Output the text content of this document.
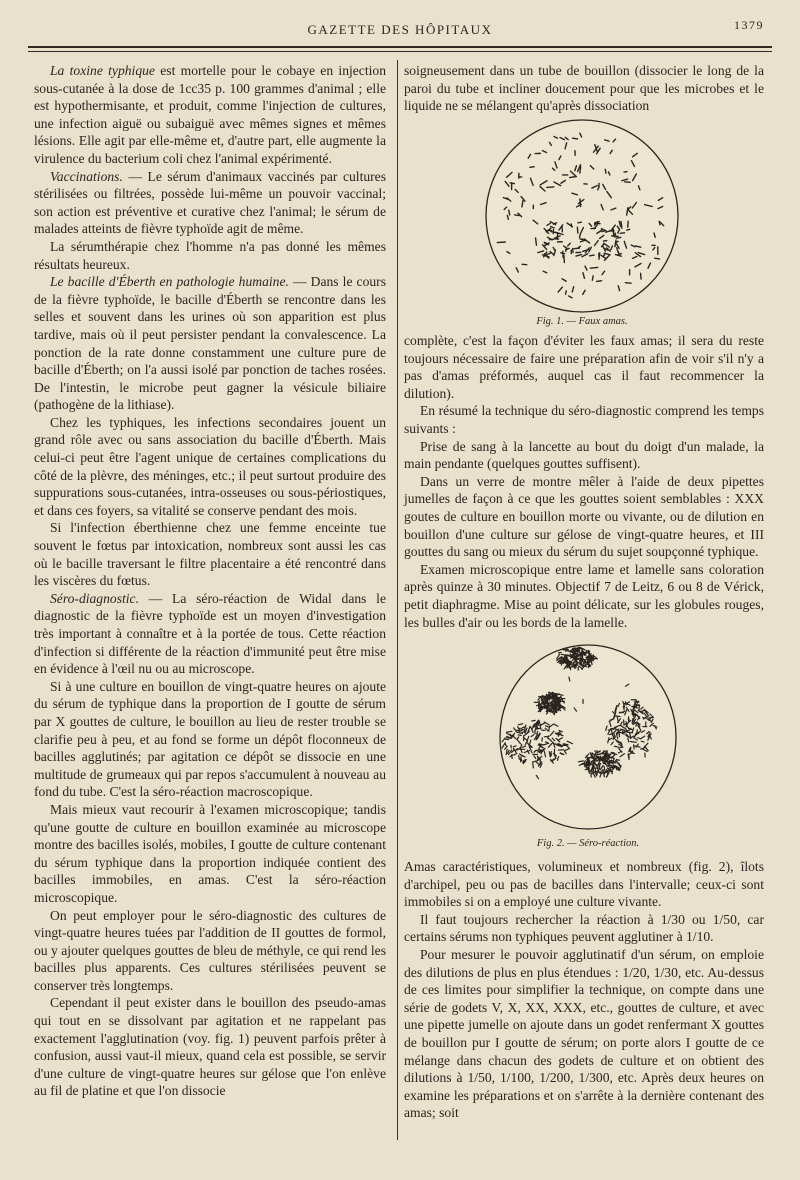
GAZETTE DES HÔPITAUX	1379

La toxine typhique est mortelle pour le cobaye en injection sous-cutanée à la dose de 1cc35 p. 100 grammes d'animal ; elle est hypothermisante, et produit, comme l'injection de cultures, une infection aiguë ou subaiguë avec mêmes signes et mêmes lésions. Elle agit par elle-même et, d'autre part, elle augmente la virulence du bacterium coli chez l'animal expérimenté.

Vaccinations. — Le sérum d'animaux vaccinés par cultures stérilisées ou filtrées, possède lui-même un pouvoir vaccinal; son action est préventive et curative chez l'animal; le sérum de malades atteints de fièvre typhoïde agit de même.

La sérumthérapie chez l'homme n'a pas donné les mêmes résultats heureux.

Le bacille d'Éberth en pathologie humaine. — Dans le cours de la fièvre typhoïde, le bacille d'Éberth se rencontre dans les selles et souvent dans les urines où son apparition est plus tardive, mais où il peut persister pendant la convalescence. La ponction de la rate donne constamment une culture pure de bacille d'Éberth; on l'a aussi isolé par ponction de taches rosées. De l'intestin, le microbe peut gagner la vésicule biliaire (pathogène de la lithiase).

Chez les typhiques, les infections secondaires jouent un grand rôle avec ou sans association du bacille d'Éberth. Mais celui-ci peut être l'agent unique de certaines complications du côté de la plèvre, des méninges, etc.; il peut surtout produire des suppurations sous-cutanées, intra-osseuses ou sous-périostiques, et dans ces foyers, sa vitalité se conserve pendant des mois.

Si l'infection éberthienne chez une femme enceinte tue souvent le fœtus par intoxication, nombreux sont aussi les cas où le bacille traversant le filtre placentaire a été rencontré dans les viscères du fœtus.

Séro-diagnostic. — La séro-réaction de Widal dans le diagnostic de la fièvre typhoïde est un moyen d'investigation très important à connaître et à la portée de tous. Cette réaction d'infection si différente de la réaction d'immunité peut être mise en évidence à l'œil nu ou au microscope.

Si à une culture en bouillon de vingt-quatre heures on ajoute du sérum de typhique dans la proportion de I goutte de sérum par X gouttes de culture, le bouillon au lieu de rester trouble se clarifie peu à peu, et au fond se forme un dépôt floconneux de bacilles agglutinés; par agitation ce dépôt se dissocie en une multitude de grumeaux qui par repos s'accumulent à nouveau au fond du tube. C'est la séro-réaction macroscopique.

Mais mieux vaut recourir à l'examen microscopique; tandis qu'une goutte de culture en bouillon examinée au microscope montre des bacilles isolés, mobiles, I goutte de culture contenant du sérum typhique dans la proportion indiquée contient des bacilles immobiles, en amas. C'est la séro-réaction microscopique.

On peut employer pour le séro-diagnostic des cultures de vingt-quatre heures tuées par l'addition de II gouttes de formol, ou y ajouter quelques gouttes de bleu de méthyle, ce qui rend les bacilles plus apparents. Ces cultures stérilisées peuvent se conserver très longtemps.

Cependant il peut exister dans le bouillon des pseudo-amas qui tout en se dissolvant par agitation et ne rappelant pas exactement l'agglutination (voy. fig. 1) peuvent parfois prêter à confusion, aussi vaut-il mieux, quand cela est possible, se servir d'une culture de vingt-quatre heures sur gélose que l'on enlève au fil de platine et que l'on dissocie

soigneusement dans un tube de bouillon (dissocier le long de la paroi du tube et incliner doucement pour que les microbes et le liquide ne se mélangent qu'après dissociation

Fig. 1. — Faux amas.

complète, c'est la façon d'éviter les faux amas; il sera du reste toujours nécessaire de faire une préparation afin de voir s'il n'y a pas d'amas préformés, auquel cas il faut recommencer la dilution).

En résumé la technique du séro-diagnostic comprend les temps suivants :

Prise de sang à la lancette au bout du doigt d'un malade, la main pendante (quelques gouttes suffisent).

Dans un verre de montre mêler à l'aide de deux pipettes jumelles de façon à ce que les gouttes soient semblables : XXX goutes de culture en bouillon morte ou vivante, ou de dilution en bouillon d'une culture sur gélose de vingt-quatre heures, et III gouttes du sang ou mieux du sérum du sujet soupçonné typhique.

Examen microscopique entre lame et lamelle sans coloration après quinze à 30 minutes. Objectif 7 de Leitz, 6 ou 8 de Vérick, petit diaphragme. Mise au point délicate, sur les globules rouges, les bulles d'air ou les bords de la lamelle.

Fig. 2. — Séro-réaction.

Amas caractéristiques, volumineux et nombreux (fig. 2), îlots d'archipel, peu ou pas de bacilles dans l'intervalle; ceux-ci sont immobiles si on a employé une culture vivante.

Il faut toujours rechercher la réaction à 1/30 ou 1/50, car certains sérums non typhiques peuvent agglutiner à 1/10.

Pour mesurer le pouvoir agglutinatif d'un sérum, on emploie des dilutions de plus en plus étendues : 1/20, 1/30, etc. Au-dessus de ces limites pour simplifier la technique, on compte dans une série de godets V, X, XX, XXX, etc., gouttes de culture, et avec une pipette jumelle on ajoute dans un godet renfermant X gouttes de bouillon pur I goutte de sérum; on porte alors I goutte de ce mélange dans chacun des godets de culture et on obtient des dilutions à 1/50, 1/100, 1/200, 1/300, etc. Après deux heures on examine les préparations et on s'arrête à la dernière contenant des amas; soit
